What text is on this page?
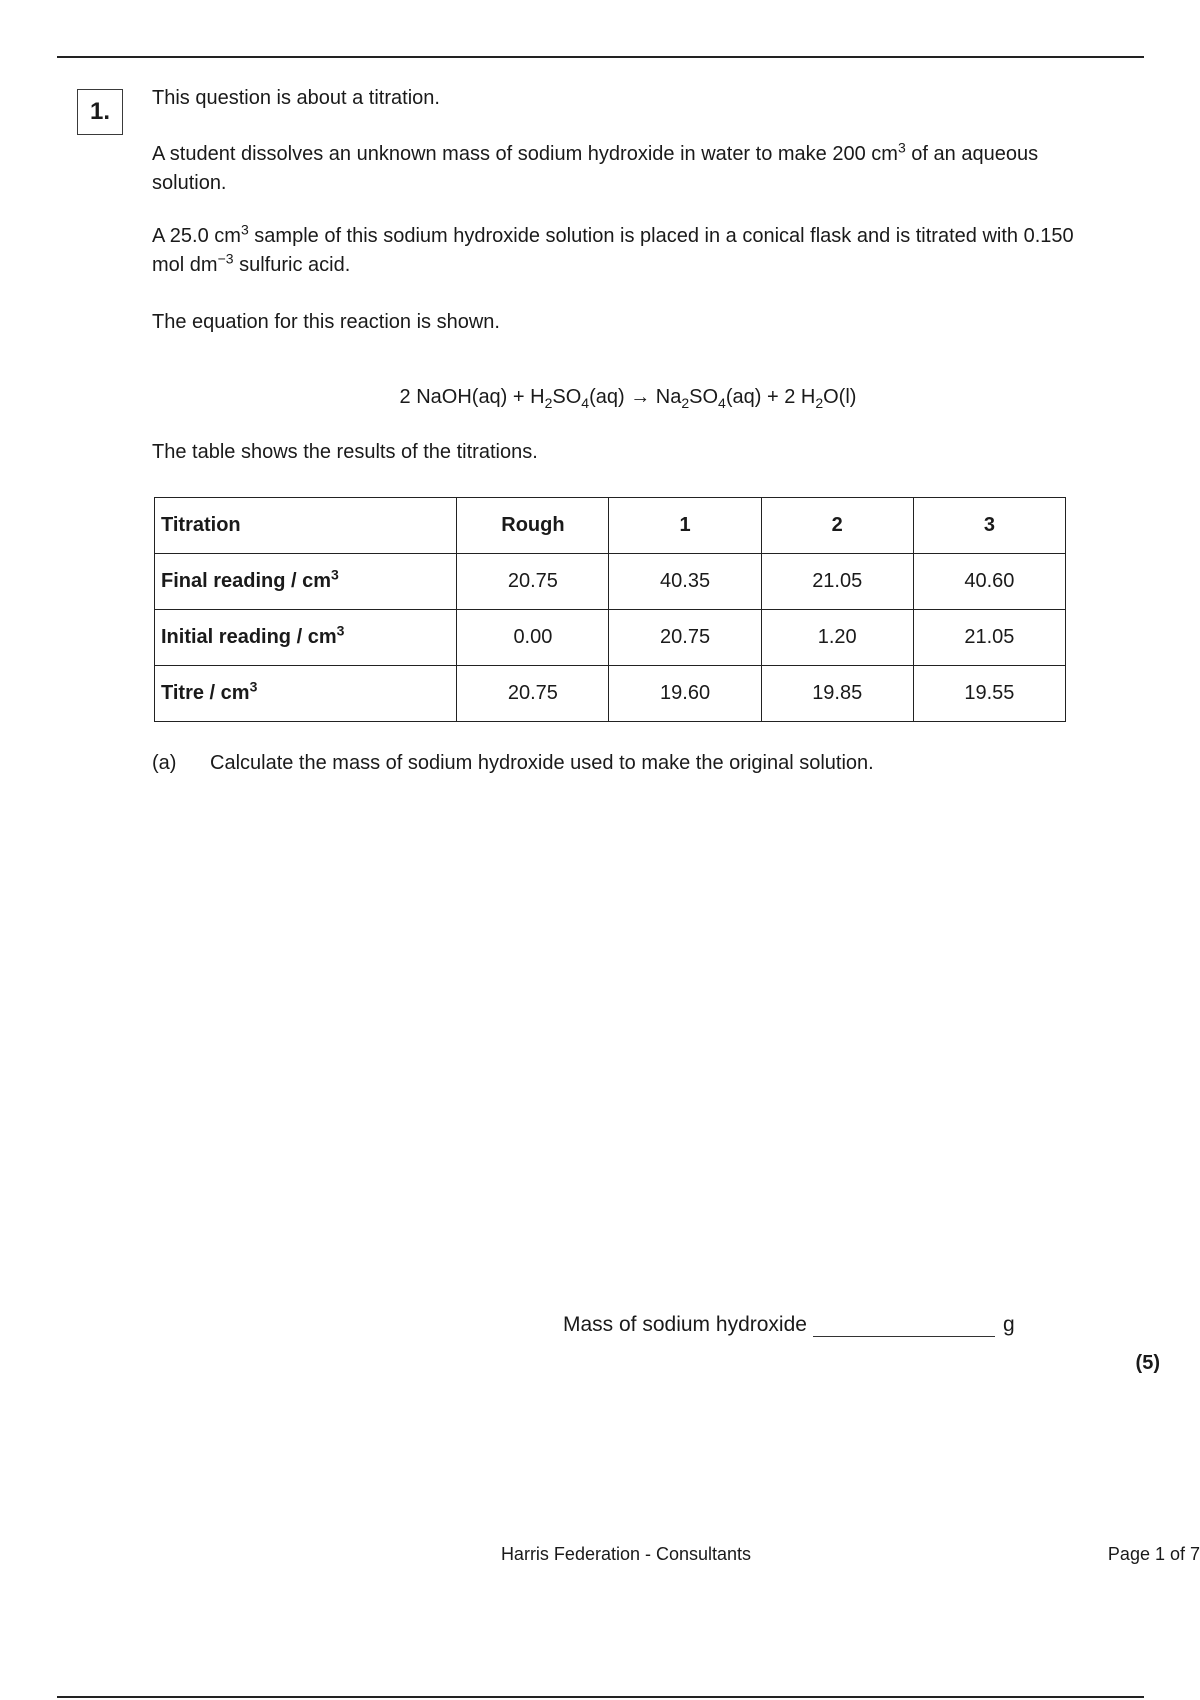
1. This question is about a titration.
A student dissolves an unknown mass of sodium hydroxide in water to make 200 $cm^3$ of an aqueous solution.
A 25.0 $cm^3$ sample of this sodium hydroxide solution is placed in a conical flask and is titrated with 0.150 mol $dm^{-3}$ sulfuric acid.
The equation for this reaction is shown.
2 NaOH(aq) + $H_2SO_4(aq) \to Na_2SO_4(aq) + 2$ $H_2O(l)$
The table shows the results of the titrations.
Titration	Rough	1	2	3
Final reading / $cm^3$	20.75	40.35	21.05	40.60
Initial reading / $cm^3$	0.00	20.75	1.20	21.05
Titre / $cm^3$	20.75	19.60	19.85	19.55
(a) Calculate the mass of sodium hydroxide used to make the original solution.
Mass of sodium hydroxide	g
(5)
Harris Federation - Consultants	Page 1 of 7
